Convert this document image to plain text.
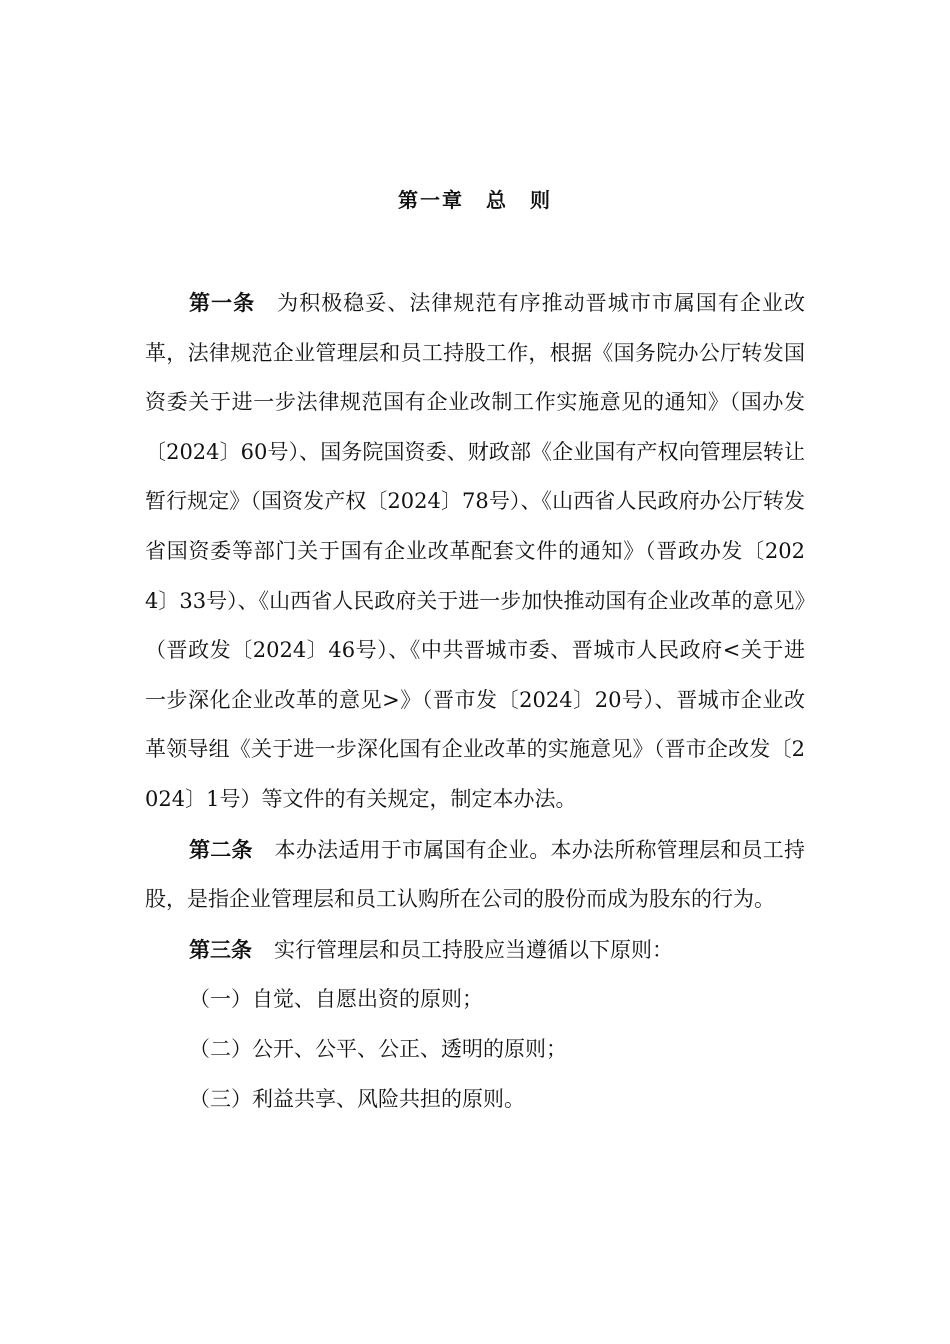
第一章　总　则

第一条 为积极稳妥、法律规范有序推动晋城市市属国有企业改革，法律规范企业管理层和员工持股工作，根据《国务院办公厅转发国资委关于进一步法律规范国有企业改制工作实施意见的通知》（国办发〔2024〕60号）、国务院国资委、财政部《企业国有产权向管理层转让暂行规定》（国资发产权〔2024〕78号）、《山西省人民政府办公厅转发省国资委等部门关于国有企业改革配套文件的通知》（晋政办发〔2024〕33号）、《山西省人民政府关于进一步加快推动国有企业改革的意见》（晋政发〔2024〕46号）、《中共晋城市委、晋城市人民政府<关于进一步深化企业改革的意见>》（晋市发〔2024〕20号）、晋城市企业改革领导组《关于进一步深化国有企业改革的实施意见》（晋市企改发〔2024〕1号）等文件的有关规定，制定本办法。

第二条 本办法适用于市属国有企业。本办法所称管理层和员工持股，是指企业管理层和员工认购所在公司的股份而成为股东的行为。

第三条 实行管理层和员工持股应当遵循以下原则：

（一）自觉、自愿出资的原则；

（二）公开、公平、公正、透明的原则；

（三）利益共享、风险共担的原则。
